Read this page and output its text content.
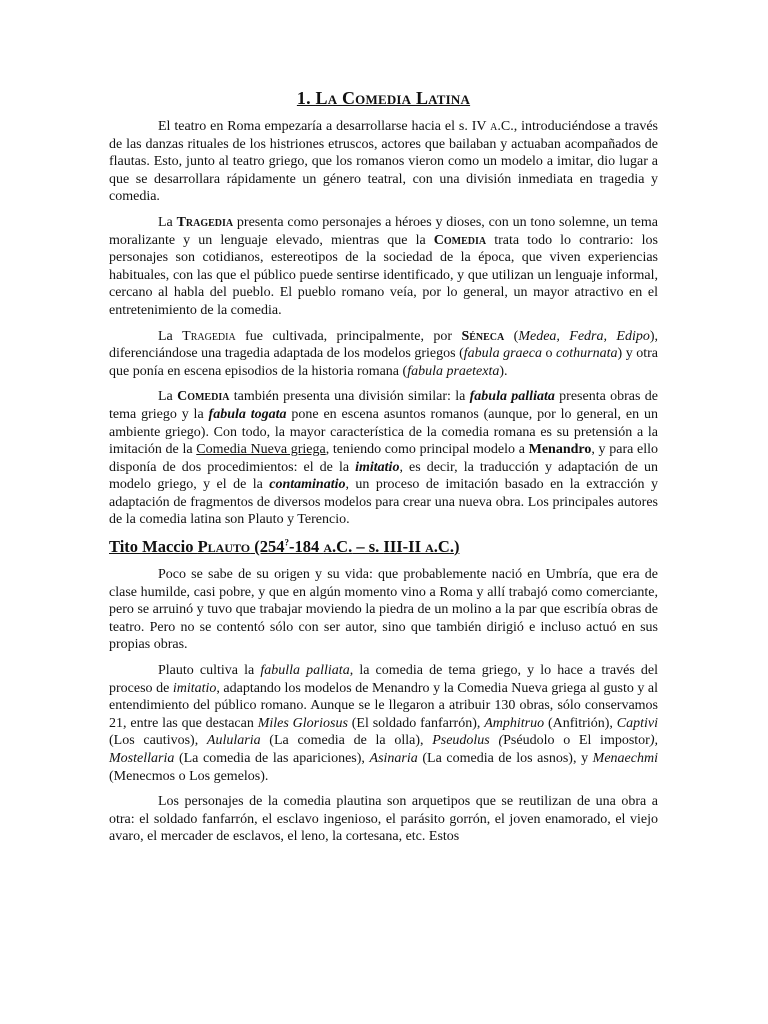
1. La Comedia Latina

El teatro en Roma empezaría a desarrollarse hacia el s. IV a.C., introduciéndose a través de las danzas rituales de los histriones etruscos, actores que bailaban y actuaban acompañados de flautas. Esto, junto al teatro griego, que los romanos vieron como un modelo a imitar, dio lugar a que se desarrollara rápidamente un género teatral, con una división inmediata en tragedia y comedia.

La Tragedia presenta como personajes a héroes y dioses, con un tono solemne, un tema moralizante y un lenguaje elevado, mientras que la Comedia trata todo lo contrario: los personajes son cotidianos, estereotipos de la sociedad de la época, que viven experiencias habituales, con las que el público puede sentirse identificado, y que utilizan un lenguaje informal, cercano al habla del pueblo. El pueblo romano veía, por lo general, un mayor atractivo en el entretenimiento de la comedia.

La Tragedia fue cultivada, principalmente, por Séneca (Medea, Fedra, Edipo), diferenciándose una tragedia adaptada de los modelos griegos (fabula graeca o cothurnata) y otra que ponía en escena episodios de la historia romana (fabula praetexta).

La Comedia también presenta una división similar: la fabula palliata presenta obras de tema griego y la fabula togata pone en escena asuntos romanos (aunque, por lo general, en un ambiente griego). Con todo, la mayor característica de la comedia romana es su pretensión a la imitación de la Comedia Nueva griega, teniendo como principal modelo a Menandro, y para ello disponía de dos procedimientos: el de la imitatio, es decir, la traducción y adaptación de un modelo griego, y el de la contaminatio, un proceso de imitación basado en la extracción y adaptación de fragmentos de diversos modelos para crear una nueva obra. Los principales autores de la comedia latina son Plauto y Terencio.

Tito Maccio Plauto (254?-184 a.C. – s. III-II a.C.)

Poco se sabe de su origen y su vida: que probablemente nació en Umbría, que era de clase humilde, casi pobre, y que en algún momento vino a Roma y allí trabajó como comerciante, pero se arruinó y tuvo que trabajar moviendo la piedra de un molino a la par que escribía obras de teatro. Pero no se contentó sólo con ser autor, sino que también dirigió e incluso actuó en sus propias obras.

Plauto cultiva la fabulla palliata, la comedia de tema griego, y lo hace a través del proceso de imitatio, adaptando los modelos de Menandro y la Comedia Nueva griega al gusto y al entendimiento del público romano. Aunque se le llegaron a atribuir 130 obras, sólo conservamos 21, entre las que destacan Miles Gloriosus (El soldado fanfarrón), Amphitruo (Anfitrión), Captivi (Los cautivos), Aulularia (La comedia de la olla), Pseudolus (Pséudolo o El impostor), Mostellaria (La comedia de las apariciones), Asinaria (La comedia de los asnos), y Menaechmi (Menecmos o Los gemelos).

Los personajes de la comedia plautina son arquetipos que se reutilizan de una obra a otra: el soldado fanfarrón, el esclavo ingenioso, el parásito gorrón, el joven enamorado, el viejo avaro, el mercader de esclavos, el leno, la cortesana, etc. Estos
